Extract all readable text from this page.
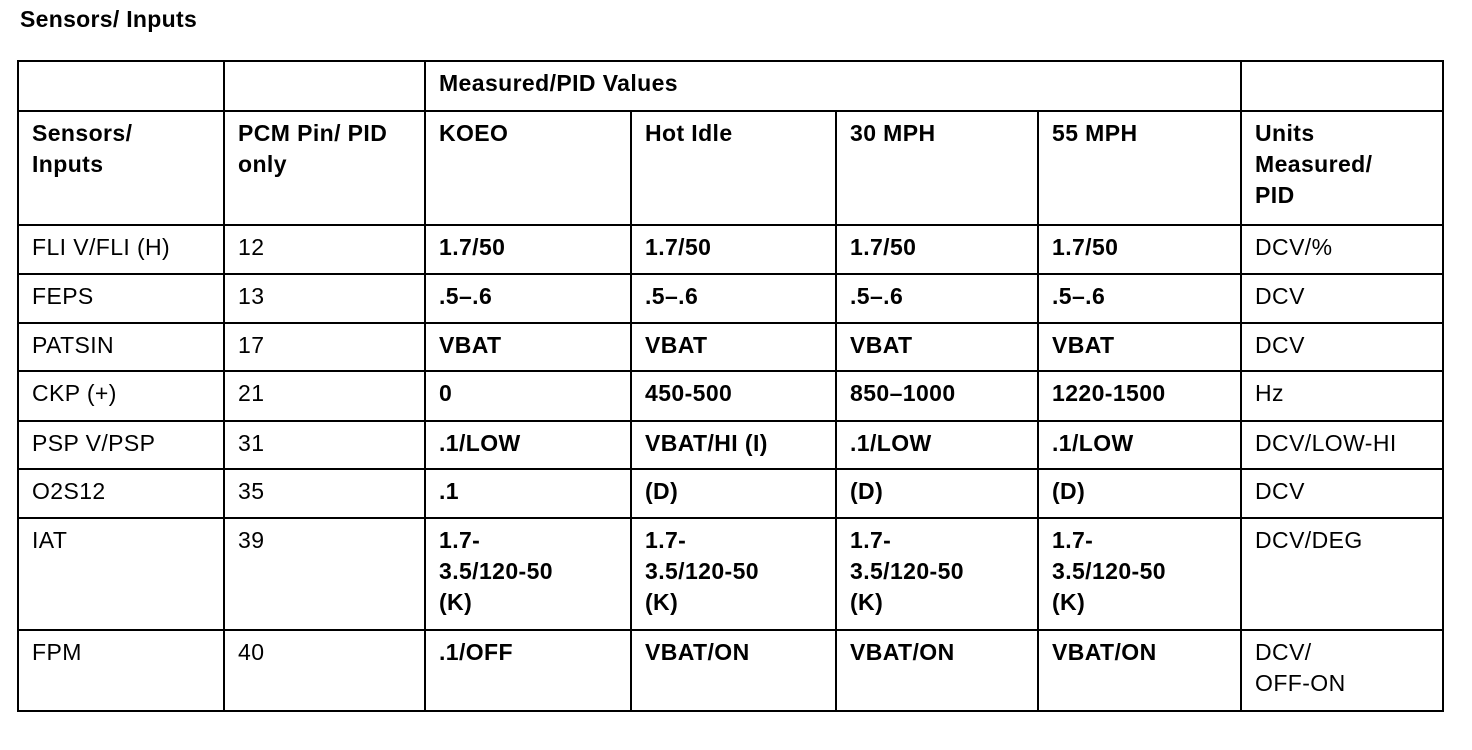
Sensors/ Inputs
		Measured/PID Values				
Sensors/ Inputs	PCM Pin/ PID only	KOEO	Hot Idle	30 MPH	55 MPH	Units Measured/ PID
FLI V/FLI (H)	12	1.7/50	1.7/50	1.7/50	1.7/50	DCV/%
FEPS	13	.5–.6	.5–.6	.5–.6	.5–.6	DCV
PATSIN	17	VBAT	VBAT	VBAT	VBAT	DCV
CKP (+)	21	0	450-500	850–1000	1220-1500	Hz
PSP V/PSP	31	.1/LOW	VBAT/HI (I)	.1/LOW	.1/LOW	DCV/LOW-HI
O2S12	35	.1	(D)	(D)	(D)	DCV
IAT	39	1.7-
3.5/120-50
(K)	1.7-
3.5/120-50
(K)	1.7-
3.5/120-50
(K)	1.7-
3.5/120-50
(K)	DCV/DEG
FPM	40	.1/OFF	VBAT/ON	VBAT/ON	VBAT/ON	DCV/
OFF-ON
